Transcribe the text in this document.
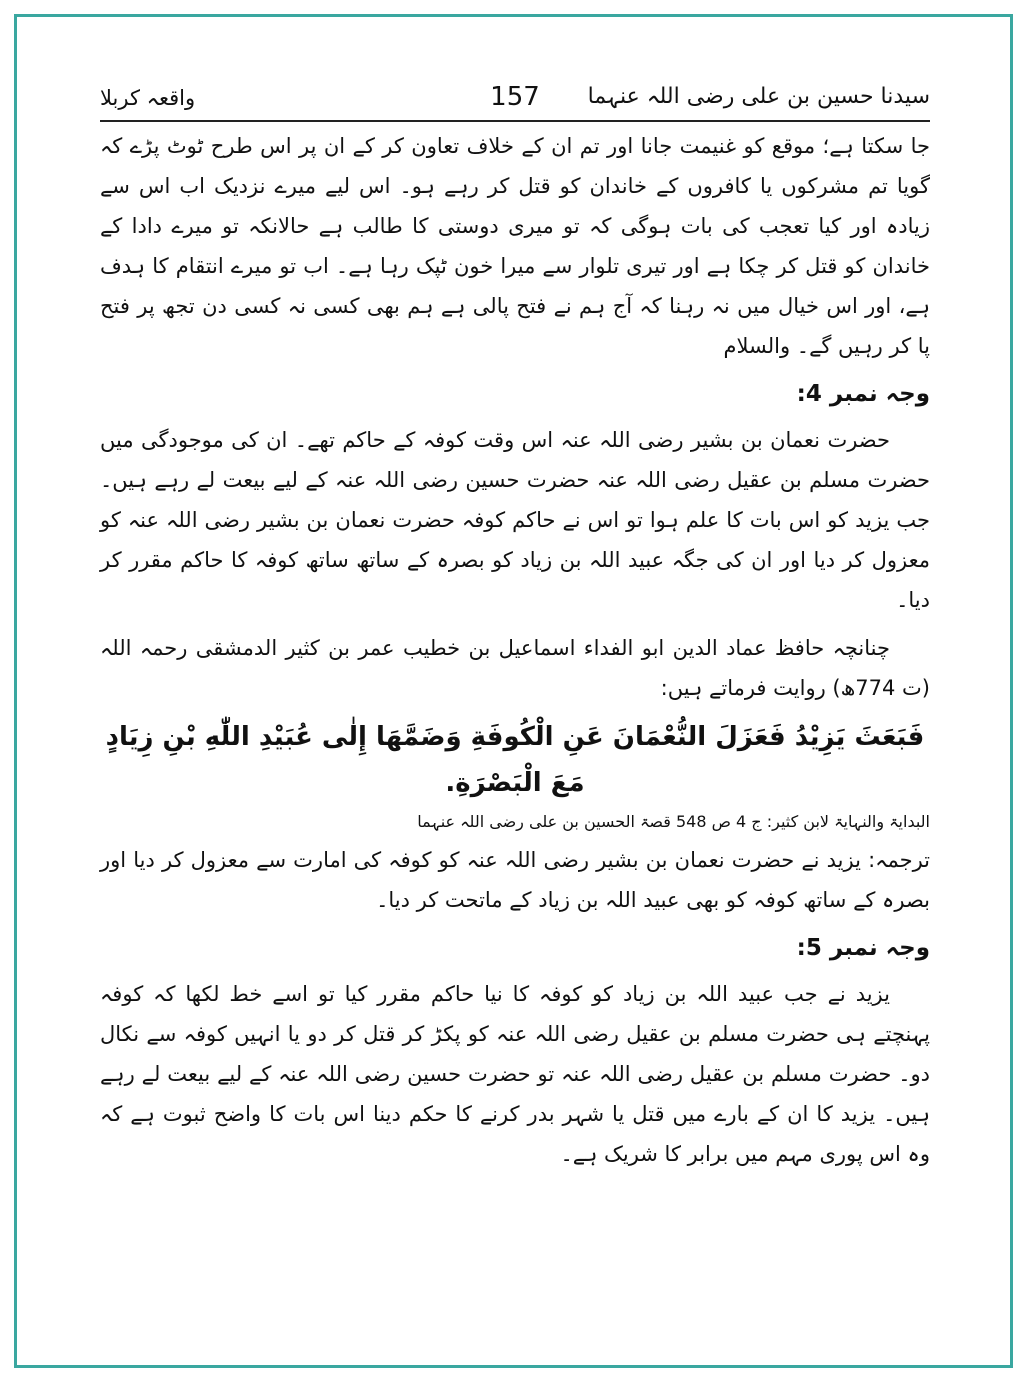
سیدنا حسین بن علی رضی اللہ عنہما
157
واقعہ کربلا

جا سکتا ہے؛ موقع کو غنیمت جانا اور تم ان کے خلاف تعاون کر کے ان پر اس طرح ٹوٹ پڑے کہ گویا تم مشرکوں یا کافروں کے خاندان کو قتل کر رہے ہو۔ اس لیے میرے نزدیک اب اس سے زیادہ اور کیا تعجب کی بات ہوگی کہ تو میری دوستی کا طالب ہے حالانکہ تو میرے دادا کے خاندان کو قتل کر چکا ہے اور تیری تلوار سے میرا خون ٹپک رہا ہے۔ اب تو میرے انتقام کا ہدف ہے، اور اس خیال میں نہ رہنا کہ آج ہم نے فتح پالی ہے ہم بھی کسی نہ کسی دن تجھ پر فتح پا کر رہیں گے۔ والسلام

وجہ نمبر 4:

حضرت نعمان بن بشیر رضی اللہ عنہ اس وقت کوفہ کے حاکم تھے۔ ان کی موجودگی میں حضرت مسلم بن عقیل رضی اللہ عنہ حضرت حسین رضی اللہ عنہ کے لیے بیعت لے رہے ہیں۔ جب یزید کو اس بات کا علم ہوا تو اس نے حاکم کوفہ حضرت نعمان بن بشیر رضی اللہ عنہ کو معزول کر دیا اور ان کی جگہ عبید اللہ بن زیاد کو بصرہ کے ساتھ ساتھ کوفہ کا حاکم مقرر کر دیا۔

چنانچہ حافظ عماد الدین ابو الفداء اسماعیل بن خطیب عمر بن کثیر الدمشقی رحمہ اللہ (ت 774ھ) روایت فرماتے ہیں:

فَبَعَثَ يَزِيْدُ فَعَزَلَ النُّعْمَانَ عَنِ الْكُوفَةِ وَضَمَّهَا إِلٰى عُبَيْدِ اللّٰهِ بْنِ زِيَادٍ مَعَ الْبَصْرَةِ.
البدایۃ والنہایۃ لابن کثیر: ج 4 ص 548 قصۃ الحسین بن علی رضی اللہ عنہما

ترجمہ: یزید نے حضرت نعمان بن بشیر رضی اللہ عنہ کو کوفہ کی امارت سے معزول کر دیا اور بصرہ کے ساتھ کوفہ کو بھی عبید اللہ بن زیاد کے ماتحت کر دیا۔

وجہ نمبر 5:

یزید نے جب عبید اللہ بن زیاد کو کوفہ کا نیا حاکم مقرر کیا تو اسے خط لکھا کہ کوفہ پہنچتے ہی حضرت مسلم بن عقیل رضی اللہ عنہ کو پکڑ کر قتل کر دو یا انہیں کوفہ سے نکال دو۔ حضرت مسلم بن عقیل رضی اللہ عنہ تو حضرت حسین رضی اللہ عنہ کے لیے بیعت لے رہے ہیں۔ یزید کا ان کے بارے میں قتل یا شہر بدر کرنے کا حکم دینا اس بات کا واضح ثبوت ہے کہ وہ اس پوری مہم میں برابر کا شریک ہے۔
